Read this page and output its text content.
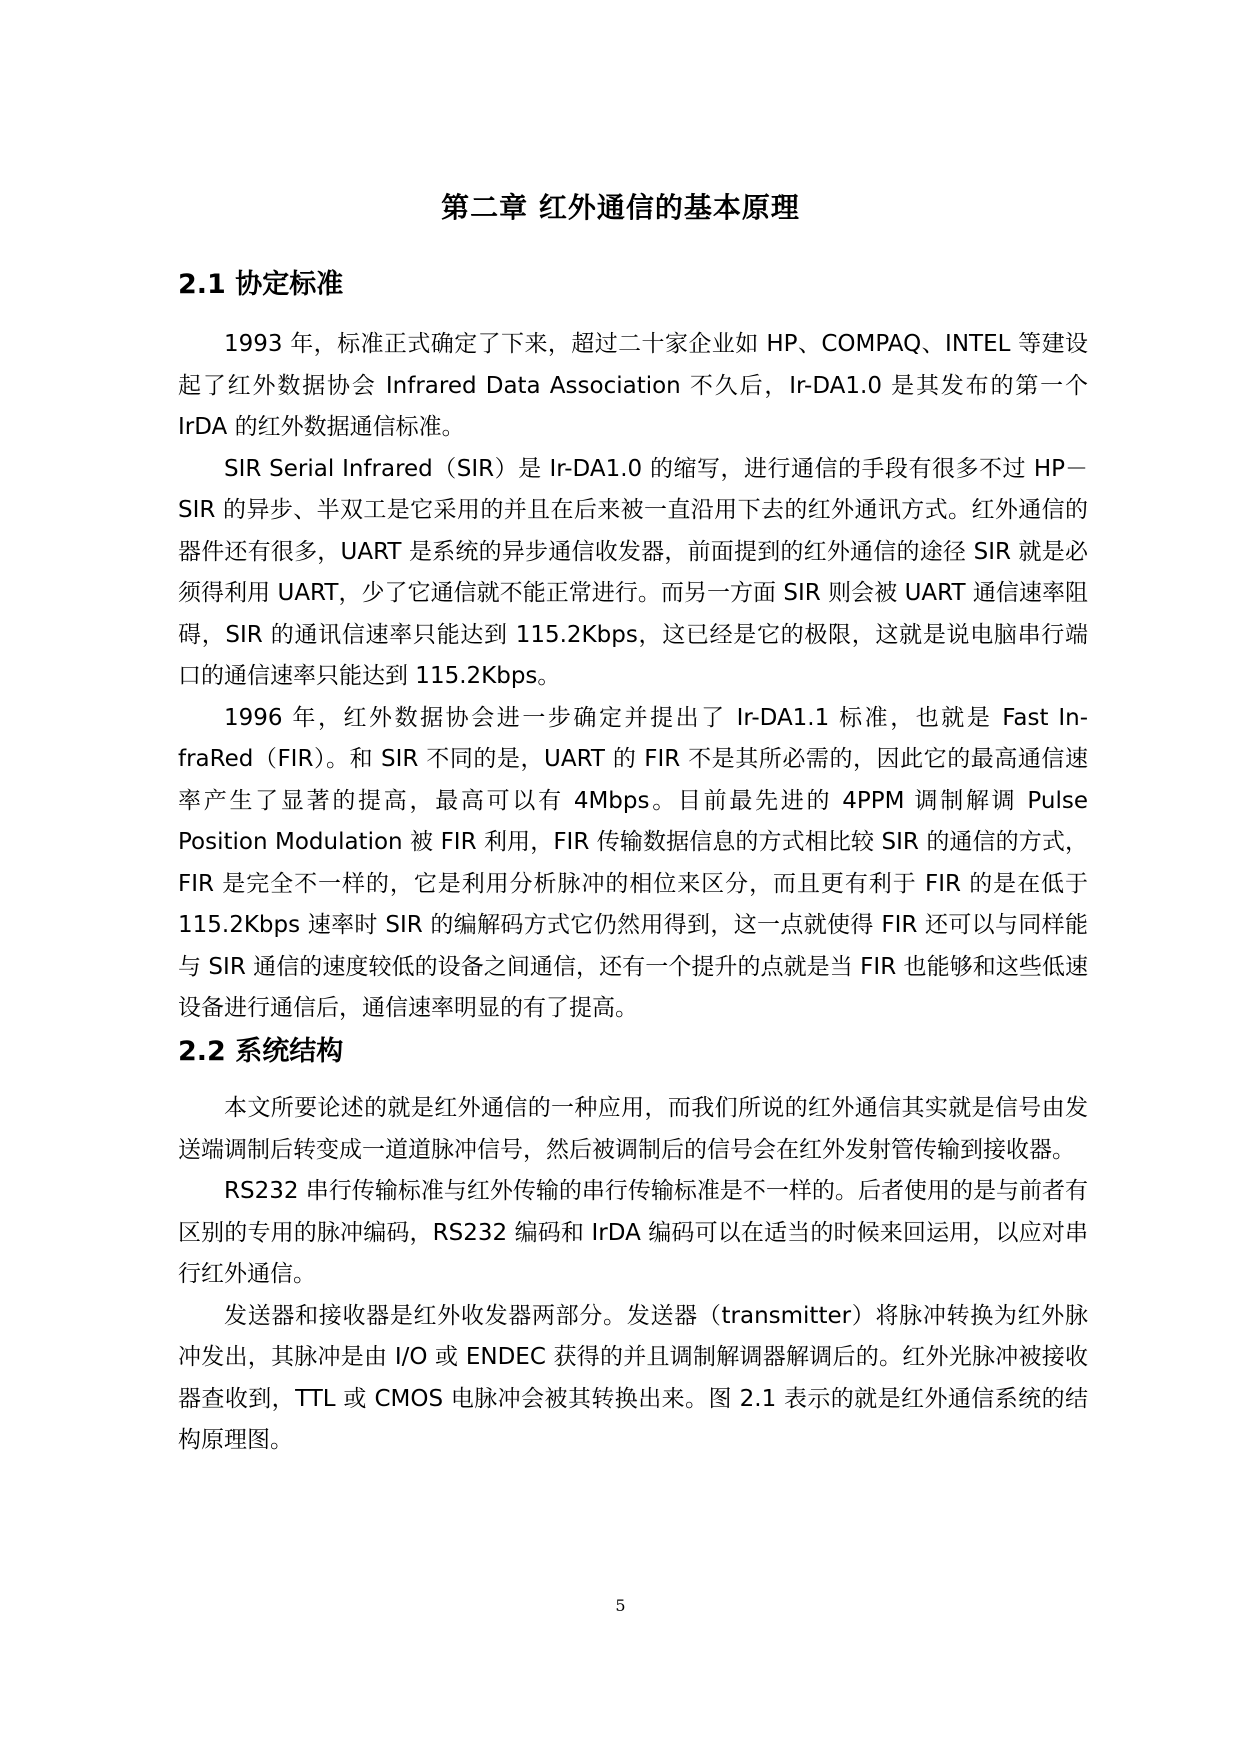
第二章 红外通信的基本原理
2.1 协定标准

1993 年，标准正式确定了下来，超过二十家企业如 HP、COMPAQ、INTEL 等建设起了红外数据协会 Infrared Data Association 不久后，Ir-DA1.0 是其发布的第一个 IrDA 的红外数据通信标准。

SIR Serial Infrared（SIR）是 Ir-DA1.0 的缩写，进行通信的手段有很多不过 HP－SIR 的异步、半双工是它采用的并且在后来被一直沿用下去的红外通讯方式。红外通信的器件还有很多，UART 是系统的异步通信收发器，前面提到的红外通信的途径 SIR 就是必须得利用 UART，少了它通信就不能正常进行。而另一方面 SIR 则会被 UART 通信速率阻碍，SIR 的通讯信速率只能达到 115.2Kbps，这已经是它的极限，这就是说电脑串行端口的通信速率只能达到 115.2Kbps。

1996 年，红外数据协会进一步确定并提出了 Ir-DA1.1 标准，也就是 Fast In-fraRed（FIR）。和 SIR 不同的是，UART 的 FIR 不是其所必需的，因此它的最高通信速率产生了显著的提高，最高可以有 4Mbps。目前最先进的 4PPM 调制解调 Pulse Position Modulation 被 FIR 利用，FIR 传输数据信息的方式相比较 SIR 的通信的方式，FIR 是完全不一样的，它是利用分析脉冲的相位来区分，而且更有利于 FIR 的是在低于 115.2Kbps 速率时 SIR 的编解码方式它仍然用得到，这一点就使得 FIR 还可以与同样能与 SIR 通信的速度较低的设备之间通信，还有一个提升的点就是当 FIR 也能够和这些低速设备进行通信后，通信速率明显的有了提高。

2.2 系统结构

本文所要论述的就是红外通信的一种应用，而我们所说的红外通信其实就是信号由发送端调制后转变成一道道脉冲信号，然后被调制后的信号会在红外发射管传输到接收器。

RS232 串行传输标准与红外传输的串行传输标准是不一样的。后者使用的是与前者有区别的专用的脉冲编码，RS232 编码和 IrDA 编码可以在适当的时候来回运用，以应对串行红外通信。

发送器和接收器是红外收发器两部分。发送器（transmitter）将脉冲转换为红外脉冲发出，其脉冲是由 I/O 或 ENDEC 获得的并且调制解调器解调后的。红外光脉冲被接收器查收到，TTL 或 CMOS 电脉冲会被其转换出来。图 2.1 表示的就是红外通信系统的结构原理图。

5
